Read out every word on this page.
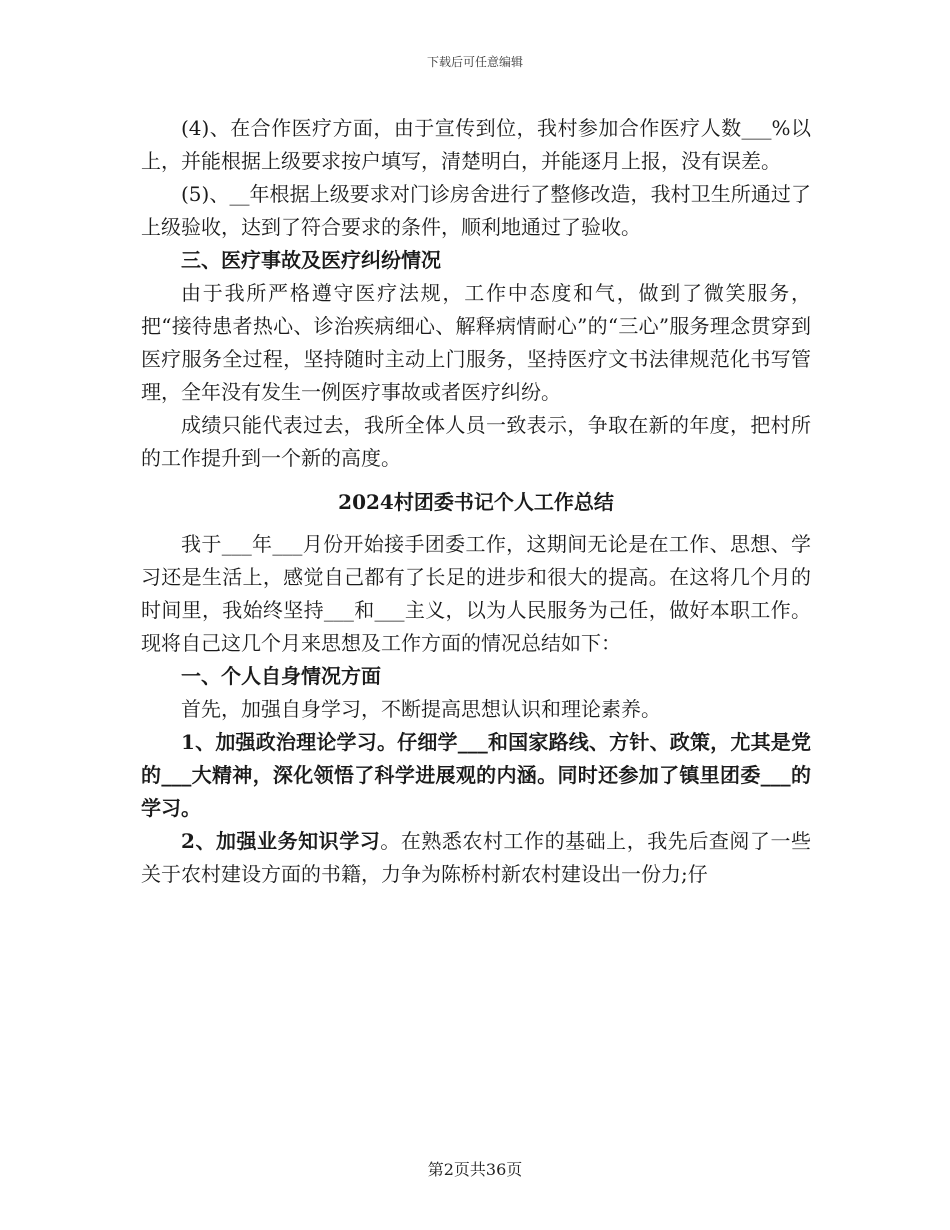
下载后可任意编辑

(4)、在合作医疗方面，由于宣传到位，我村参加合作医疗人数___%以上，并能根据上级要求按户填写，清楚明白，并能逐月上报，没有误差。

(5)、__年根据上级要求对门诊房舍进行了整修改造，我村卫生所通过了上级验收，达到了符合要求的条件，顺利地通过了验收。

三、医疗事故及医疗纠纷情况

由于我所严格遵守医疗法规，工作中态度和气，做到了微笑服务，把“接待患者热心、诊治疾病细心、解释病情耐心”的“三心”服务理念贯穿到医疗服务全过程，坚持随时主动上门服务，坚持医疗文书法律规范化书写管理，全年没有发生一例医疗事故或者医疗纠纷。

成绩只能代表过去，我所全体人员一致表示，争取在新的年度，把村所的工作提升到一个新的高度。

2024村团委书记个人工作总结

我于___年___月份开始接手团委工作，这期间无论是在工作、思想、学习还是生活上，感觉自己都有了长足的进步和很大的提高。在这将几个月的时间里，我始终坚持___和___主义，以为人民服务为己任，做好本职工作。现将自己这几个月来思想及工作方面的情况总结如下：

一、个人自身情况方面

首先，加强自身学习，不断提高思想认识和理论素养。

1、加强政治理论学习。仔细学___和国家路线、方针、政策，尤其是党的___大精神，深化领悟了科学进展观的内涵。同时还参加了镇里团委___的学习。

2、加强业务知识学习。在熟悉农村工作的基础上，我先后查阅了一些关于农村建设方面的书籍，力争为陈桥村新农村建设出一份力;仔

第2页共36页
